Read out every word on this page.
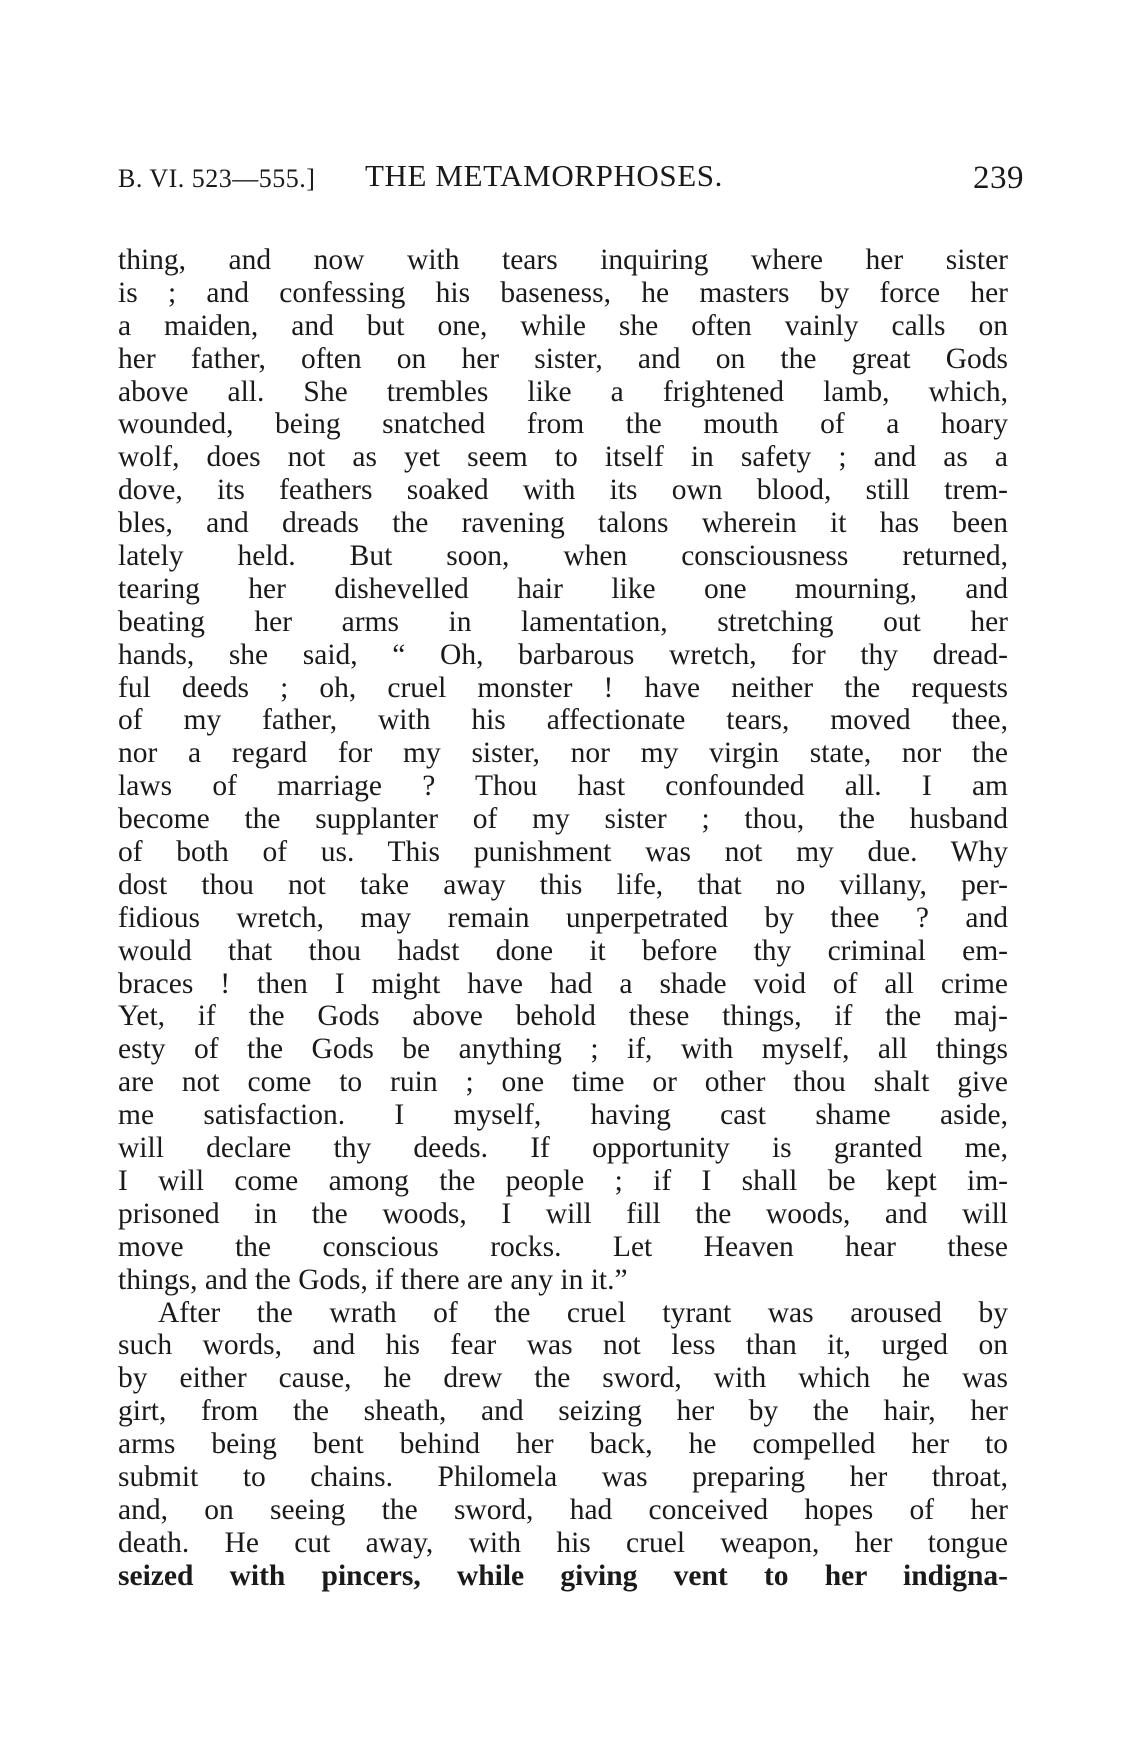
B. VI. 523—555.] THE METAMORPHOSES.	239
thing, and now with tears inquiring where her sister
is ; and confessing his baseness, he masters by force her
a maiden, and but one, while she often vainly calls on
her father, often on her sister, and on the great Gods
above all. She trembles like a frightened lamb, which,
wounded, being snatched from the mouth of a hoary
wolf, does not as yet seem to itself in safety ; and as a
dove, its feathers soaked with its own blood, still trem-
bles, and dreads the ravening talons wherein it has been
lately held. But soon, when consciousness returned,
tearing her dishevelled hair like one mourning, and
beating her arms in lamentation, stretching out her
hands, she said, “ Oh, barbarous wretch, for thy dread-
ful deeds ; oh, cruel monster ! have neither the requests
of my father, with his affectionate tears, moved thee,
nor a regard for my sister, nor my virgin state, nor the
laws of marriage ? Thou hast confounded all. I am
become the supplanter of my sister ; thou, the husband
of both of us. This punishment was not my due. Why
dost thou not take away this life, that no villany, per-
fidious wretch, may remain unperpetrated by thee ? and
would that thou hadst done it before thy criminal em-
braces ! then I might have had a shade void of all crime
Yet, if the Gods above behold these things, if the maj-
esty of the Gods be anything ; if, with myself, all things
are not come to ruin ; one time or other thou shalt give
me satisfaction. I myself, having cast shame aside,
will declare thy deeds. If opportunity is granted me,
I will come among the people ; if I shall be kept im-
prisoned in the woods, I will fill the woods, and will
move the conscious rocks. Let Heaven hear these
things, and the Gods, if there are any in it.”
After the wrath of the cruel tyrant was aroused by
such words, and his fear was not less than it, urged on
by either cause, he drew the sword, with which he was
girt, from the sheath, and seizing her by the hair, her
arms being bent behind her back, he compelled her to
submit to chains. Philomela was preparing her throat,
and, on seeing the sword, had conceived hopes of her
death. He cut away, with his cruel weapon, her tongue
seized with pincers, while giving vent to her indigna-
